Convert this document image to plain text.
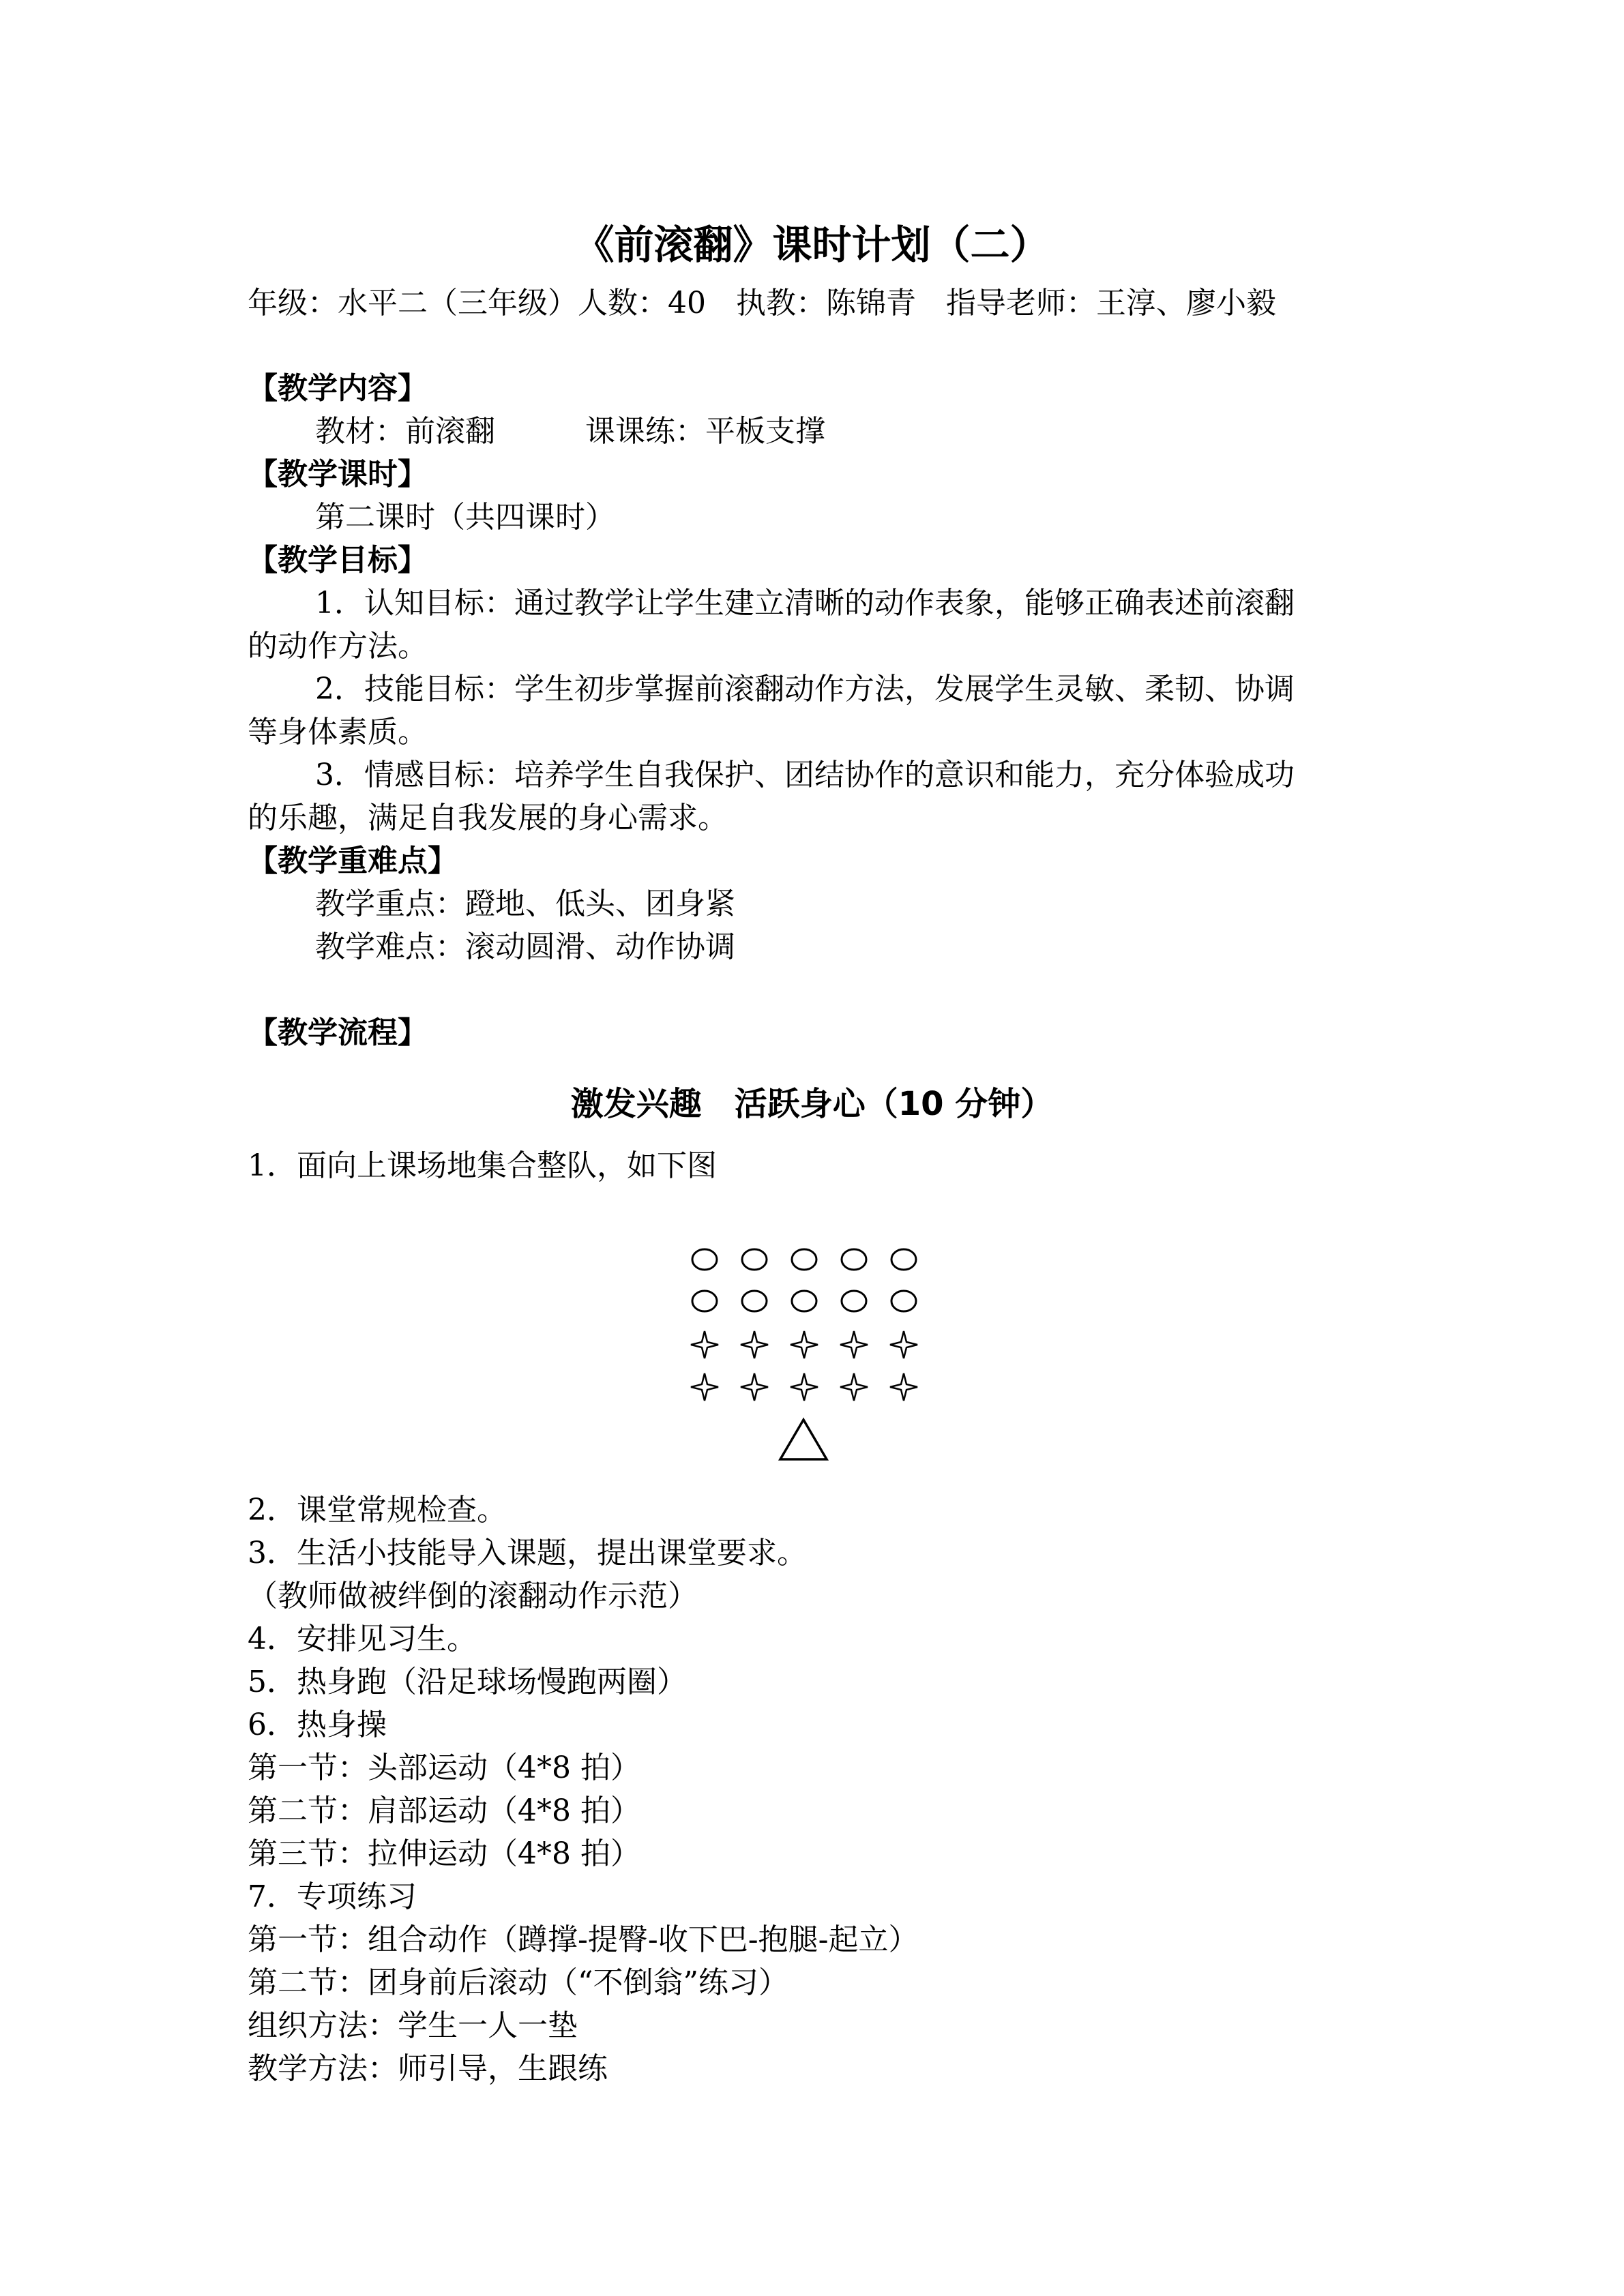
《前滚翻》课时计划（二）
年级：水平二（三年级）人数：40　执教：陈锦青　指导老师：王淳、廖小毅
【教学内容】
教材：前滚翻　　　课课练：平板支撑
【教学课时】
第二课时（共四课时）
【教学目标】
1．认知目标：通过教学让学生建立清晰的动作表象，能够正确表述前滚翻
的动作方法。
2．技能目标：学生初步掌握前滚翻动作方法，发展学生灵敏、柔韧、协调
等身体素质。
3．情感目标：培养学生自我保护、团结协作的意识和能力，充分体验成功
的乐趣，满足自我发展的身心需求。
【教学重难点】
教学重点：蹬地、低头、团身紧
教学难点：滚动圆滑、动作协调
【教学流程】
激发兴趣　活跃身心（10 分钟）
1．面向上课场地集合整队，如下图
2．课堂常规检查。
3．生活小技能导入课题，提出课堂要求。
（教师做被绊倒的滚翻动作示范）
4．安排见习生。
5．热身跑（沿足球场慢跑两圈）
6．热身操
第一节：头部运动（4*8 拍）
第二节：肩部运动（4*8 拍）
第三节：拉伸运动（4*8 拍）
7．专项练习
第一节：组合动作（蹲撑-提臀-收下巴-抱腿-起立）
第二节：团身前后滚动（“不倒翁”练习）
组织方法：学生一人一垫
教学方法：师引导，生跟练
